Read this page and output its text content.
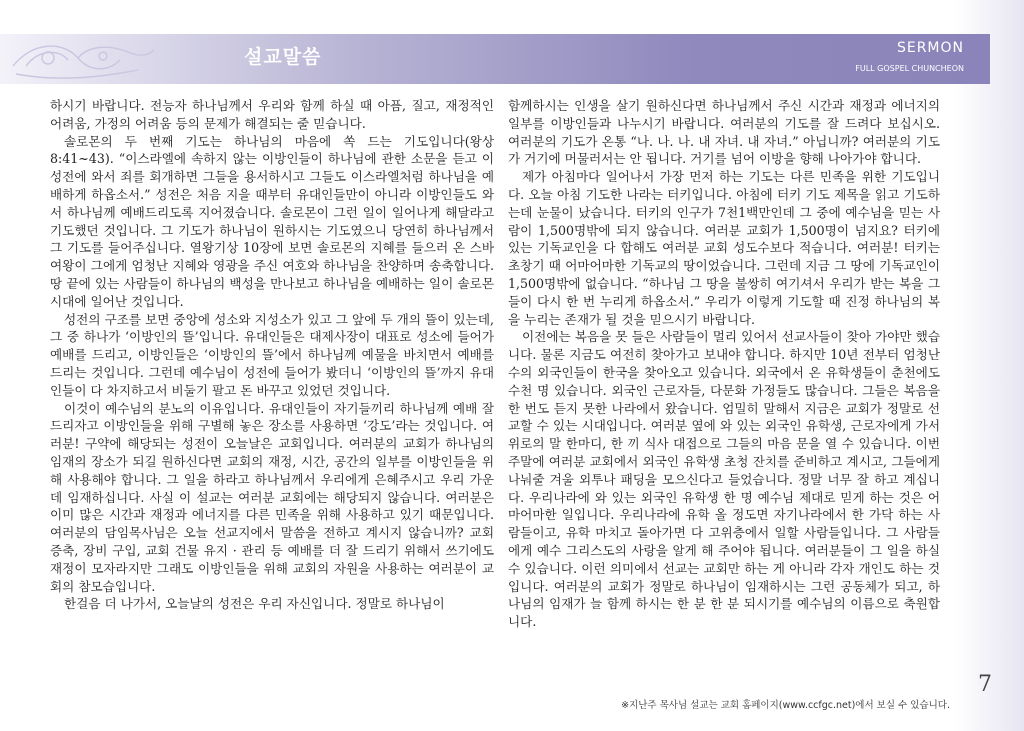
설교말씀	SERMON
FULL GOSPEL CHUNCHEON

하시기 바랍니다. 전능자 하나님께서 우리와 함께 하실 때 아픔, 질고, 재정적인 어려움, 가정의 어려움 등의 문제가 해결되는 줄 믿습니다.

솔로몬의 두 번째 기도는 하나님의 마음에 쏙 드는 기도입니다(왕상 8:41~43). “이스라엘에 속하지 않는 이방인들이 하나님에 관한 소문을 듣고 이 성전에 와서 죄를 회개하면 그들을 용서하시고 그들도 이스라엘처럼 하나님을 예배하게 하옵소서.” 성전은 처음 지을 때부터 유대인들만이 아니라 이방인들도 와서 하나님께 예배드리도록 지어졌습니다. 솔로몬이 그런 일이 일어나게 해달라고 기도했던 것입니다. 그 기도가 하나님이 원하시는 기도였으니 당연히 하나님께서 그 기도를 들어주십니다. 열왕기상 10장에 보면 솔로몬의 지혜를 들으러 온 스바 여왕이 그에게 엄청난 지혜와 영광을 주신 여호와 하나님을 찬양하며 송축합니다. 땅 끝에 있는 사람들이 하나님의 백성을 만나보고 하나님을 예배하는 일이 솔로몬 시대에 일어난 것입니다.

성전의 구조를 보면 중앙에 성소와 지성소가 있고 그 앞에 두 개의 뜰이 있는데, 그 중 하나가 ‘이방인의 뜰’입니다. 유대인들은 대제사장이 대표로 성소에 들어가 예배를 드리고, 이방인들은 ‘이방인의 뜰’에서 하나님께 예물을 바치면서 예배를 드리는 것입니다. 그런데 예수님이 성전에 들어가 봤더니 ‘이방인의 뜰’까지 유대인들이 다 차지하고서 비둘기 팔고 돈 바꾸고 있었던 것입니다.

이것이 예수님의 분노의 이유입니다. 유대인들이 자기들끼리 하나님께 예배 잘 드리자고 이방인들을 위해 구별해 놓은 장소를 사용하면 ‘강도’라는 것입니다. 여러분! 구약에 해당되는 성전이 오늘날은 교회입니다. 여러분의 교회가 하나님의 임재의 장소가 되길 원하신다면 교회의 재정, 시간, 공간의 일부를 이방인들을 위해 사용해야 합니다. 그 일을 하라고 하나님께서 우리에게 은혜주시고 우리 가운데 임재하십니다. 사실 이 설교는 여러분 교회에는 해당되지 않습니다. 여러분은 이미 많은 시간과 재정과 에너지를 다른 민족을 위해 사용하고 있기 때문입니다. 여러분의 담임목사님은 오늘 선교지에서 말씀을 전하고 계시지 않습니까? 교회 증축, 장비 구입, 교회 건물 유지 · 관리 등 예배를 더 잘 드리기 위해서 쓰기에도 재정이 모자라지만 그래도 이방인들을 위해 교회의 자원을 사용하는 여러분이 교회의 참모습입니다.

한걸음 더 나가서, 오늘날의 성전은 우리 자신입니다. 정말로 하나님이

함께하시는 인생을 살기 원하신다면 하나님께서 주신 시간과 재정과 에너지의 일부를 이방인들과 나누시기 바랍니다. 여러분의 기도를 잘 드려다 보십시오. 여러분의 기도가 온통 “나. 나. 나. 내 자녀. 내 자녀.” 아닙니까? 여러분의 기도가 거기에 머물러서는 안 됩니다. 거기를 넘어 이방을 향해 나아가야 합니다.

제가 아침마다 일어나서 가장 먼저 하는 기도는 다른 민족을 위한 기도입니다. 오늘 아침 기도한 나라는 터키입니다. 아침에 터키 기도 제목을 읽고 기도하는데 눈물이 났습니다. 터키의 인구가 7천1백만인데 그 중에 예수님을 믿는 사람이 1,500명밖에 되지 않습니다. 여러분 교회가 1,500명이 넘지요? 터키에 있는 기독교인을 다 합해도 여러분 교회 성도수보다 적습니다. 여러분! 터키는 초창기 때 어마어마한 기독교의 땅이었습니다. 그런데 지금 그 땅에 기독교인이 1,500명밖에 없습니다. “하나님 그 땅을 불쌍히 여기셔서 우리가 받는 복을 그들이 다시 한 번 누리게 하옵소서.” 우리가 이렇게 기도할 때 진정 하나님의 복을 누리는 존재가 될 것을 믿으시기 바랍니다.

이전에는 복음을 못 들은 사람들이 멀리 있어서 선교사들이 찾아 가야만 했습니다. 물론 지금도 여전히 찾아가고 보내야 합니다. 하지만 10년 전부터 엄청난 수의 외국인들이 한국을 찾아오고 있습니다. 외국에서 온 유학생들이 춘천에도 수천 명 있습니다. 외국인 근로자들, 다문화 가정들도 많습니다. 그들은 복음을 한 번도 듣지 못한 나라에서 왔습니다. 엄밀히 말해서 지금은 교회가 정말로 선교할 수 있는 시대입니다. 여러분 옆에 와 있는 외국인 유학생, 근로자에게 가서 위로의 말 한마디, 한 끼 식사 대접으로 그들의 마음 문을 열 수 있습니다. 이번 주말에 여러분 교회에서 외국인 유학생 초청 잔치를 준비하고 계시고, 그들에게 나눠줄 겨울 외투나 패딩을 모으신다고 들었습니다. 정말 너무 잘 하고 계십니다. 우리나라에 와 있는 외국인 유학생 한 명 예수님 제대로 믿게 하는 것은 어마어마한 일입니다. 우리나라에 유학 올 정도면 자기나라에서 한 가닥 하는 사람들이고, 유학 마치고 돌아가면 다 고위층에서 일할 사람들입니다. 그 사람들에게 예수 그리스도의 사랑을 알게 해 주어야 됩니다. 여러분들이 그 일을 하실 수 있습니다. 이런 의미에서 선교는 교회만 하는 게 아니라 각자 개인도 하는 것입니다. 여러분의 교회가 정말로 하나님이 임재하시는 그런 공동체가 되고, 하나님의 임재가 늘 함께 하시는 한 분 한 분 되시기를 예수님의 이름으로 축원합니다.

7
※지난주 목사님 설교는 교회 홈페이지(www.ccfgc.net)에서 보실 수 있습니다.
